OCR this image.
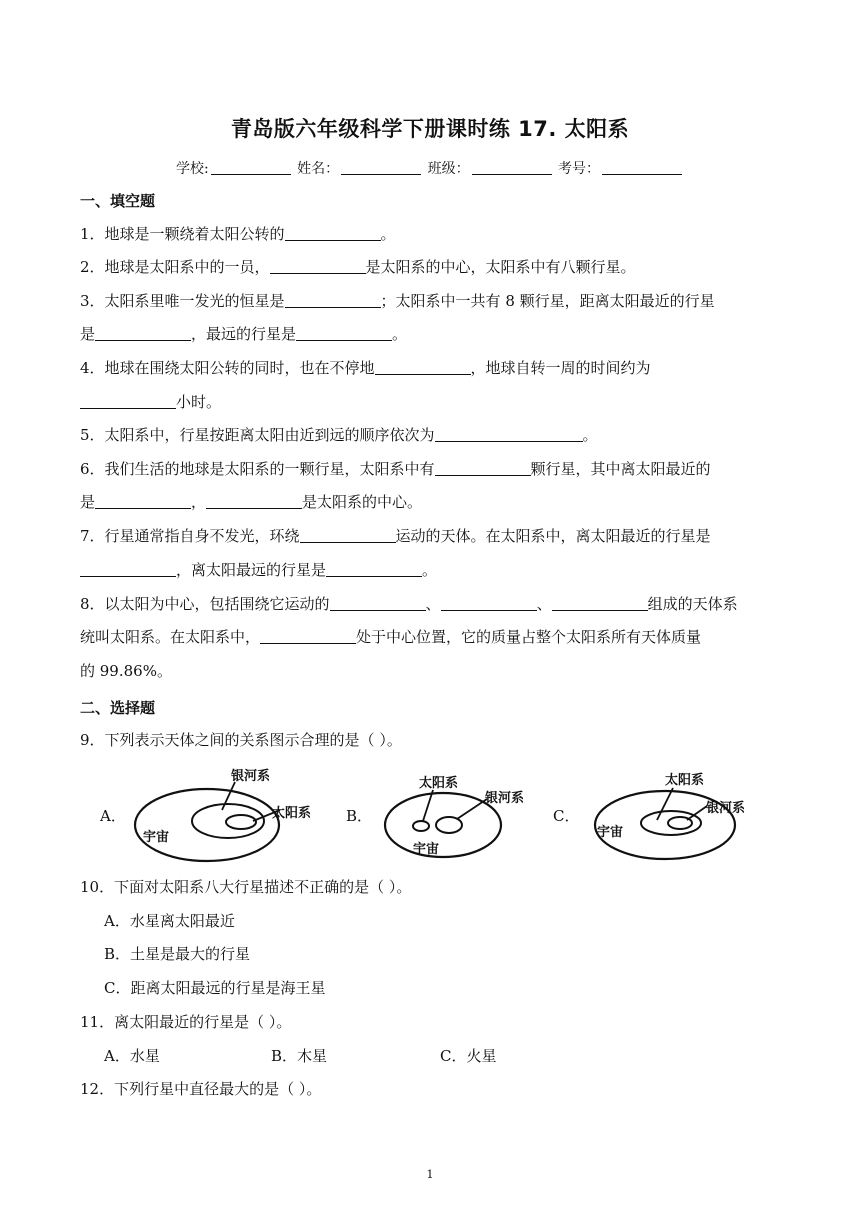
青岛版六年级科学下册课时练 17. 太阳系
学校:	姓名：	班级：	考号：
一、填空题
1．地球是一颗绕着太阳公转的	。
2．地球是太阳系中的一员，	是太阳系的中心，太阳系中有八颗行星。
3．太阳系里唯一发光的恒星是	；太阳系中一共有 8 颗行星，距离太阳最近的行星
是	，最远的行星是	。
4．地球在围绕太阳公转的同时，也在不停地	，地球自转一周的时间约为
小时。
5．太阳系中，行星按距离太阳由近到远的顺序依次为	。
6．我们生活的地球是太阳系的一颗行星，太阳系中有	颗行星，其中离太阳最近的
是	，	是太阳系的中心。
7．行星通常指自身不发光，环绕	运动的天体。在太阳系中，离太阳最近的行星是
，离太阳最远的行星是	。
8．以太阳为中心，包括围绕它运动的	、	、	组成的天体系
统叫太阳系。在太阳系中，	处于中心位置，它的质量占整个太阳系所有天体质量
的 99.86%。
二、选择题
9．下列表示天体之间的关系图示合理的是（ ）。
A．	B．	C．
银河系
太阳系
宇宙
太阳系
银河系
宇宙
太阳系
银河系
宇宙
10．下面对太阳系八大行星描述不正确的是（ ）。
A．水星离太阳最近
B．土星是最大的行星
C．距离太阳最远的行星是海王星
11．离太阳最近的行星是（ ）。
A．水星	B．木星	C．火星
12．下列行星中直径最大的是（ ）。
1
